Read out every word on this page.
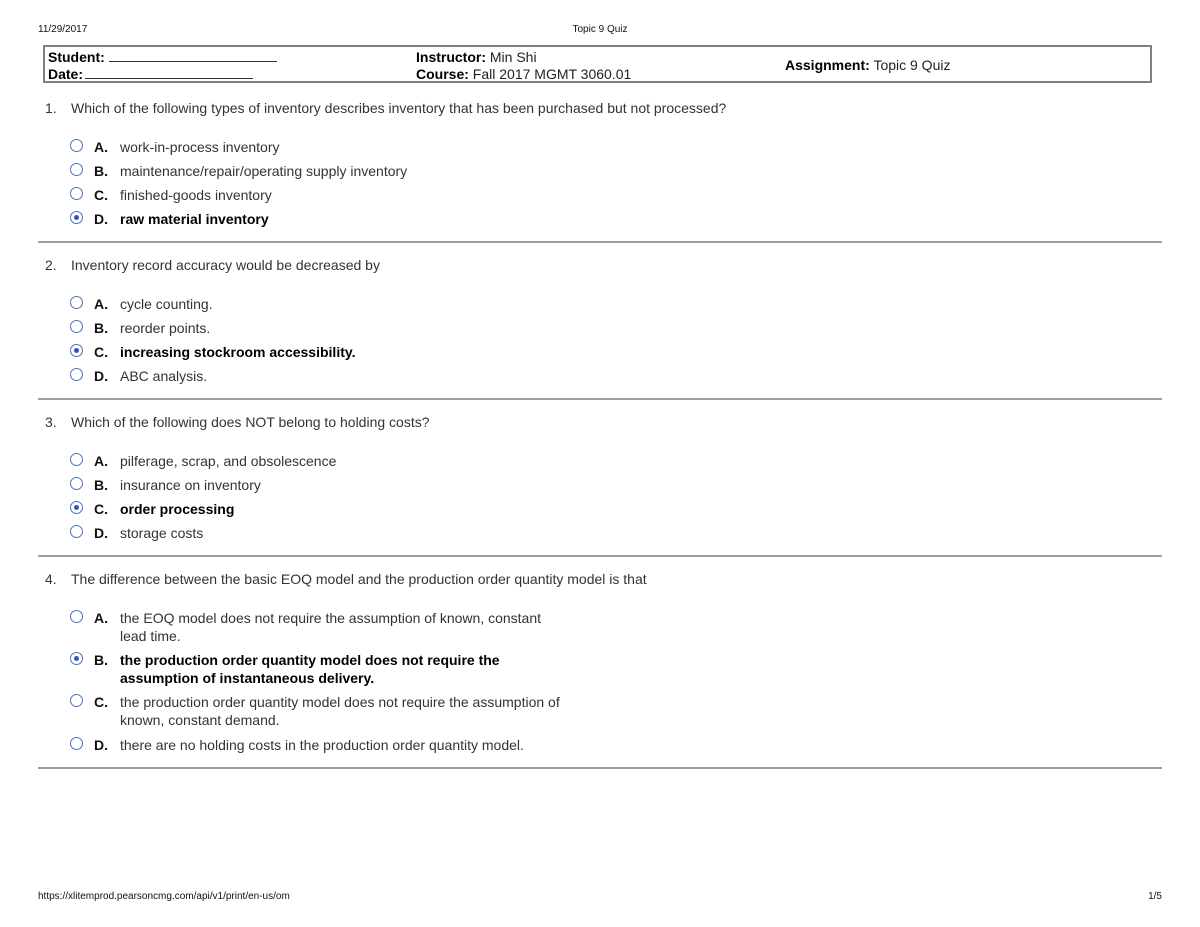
11/29/2017	Topic 9 Quiz
Student:
Date:
Instructor: Min Shi
Course: Fall 2017 MGMT 3060.01
Assignment: Topic 9 Quiz
1. Which of the following types of inventory describes inventory that has been purchased but not processed?
A. work-in-process inventory
B. maintenance/repair/operating supply inventory
C. finished-goods inventory
D. raw material inventory
2. Inventory record accuracy would be decreased by
A. cycle counting.
B. reorder points.
C. increasing stockroom accessibility.
D. ABC analysis.
3. Which of the following does NOT belong to holding costs?
A. pilferage, scrap, and obsolescence
B. insurance on inventory
C. order processing
D. storage costs
4. The difference between the basic EOQ model and the production order quantity model is that
A. the EOQ model does not require the assumption of known, constant
lead time.
B. the production order quantity model does not require the
assumption of instantaneous delivery.
C. the production order quantity model does not require the assumption of
known, constant demand.
D. there are no holding costs in the production order quantity model.
https://xlitemprod.pearsoncmg.com/api/v1/print/en-us/om	1/5
